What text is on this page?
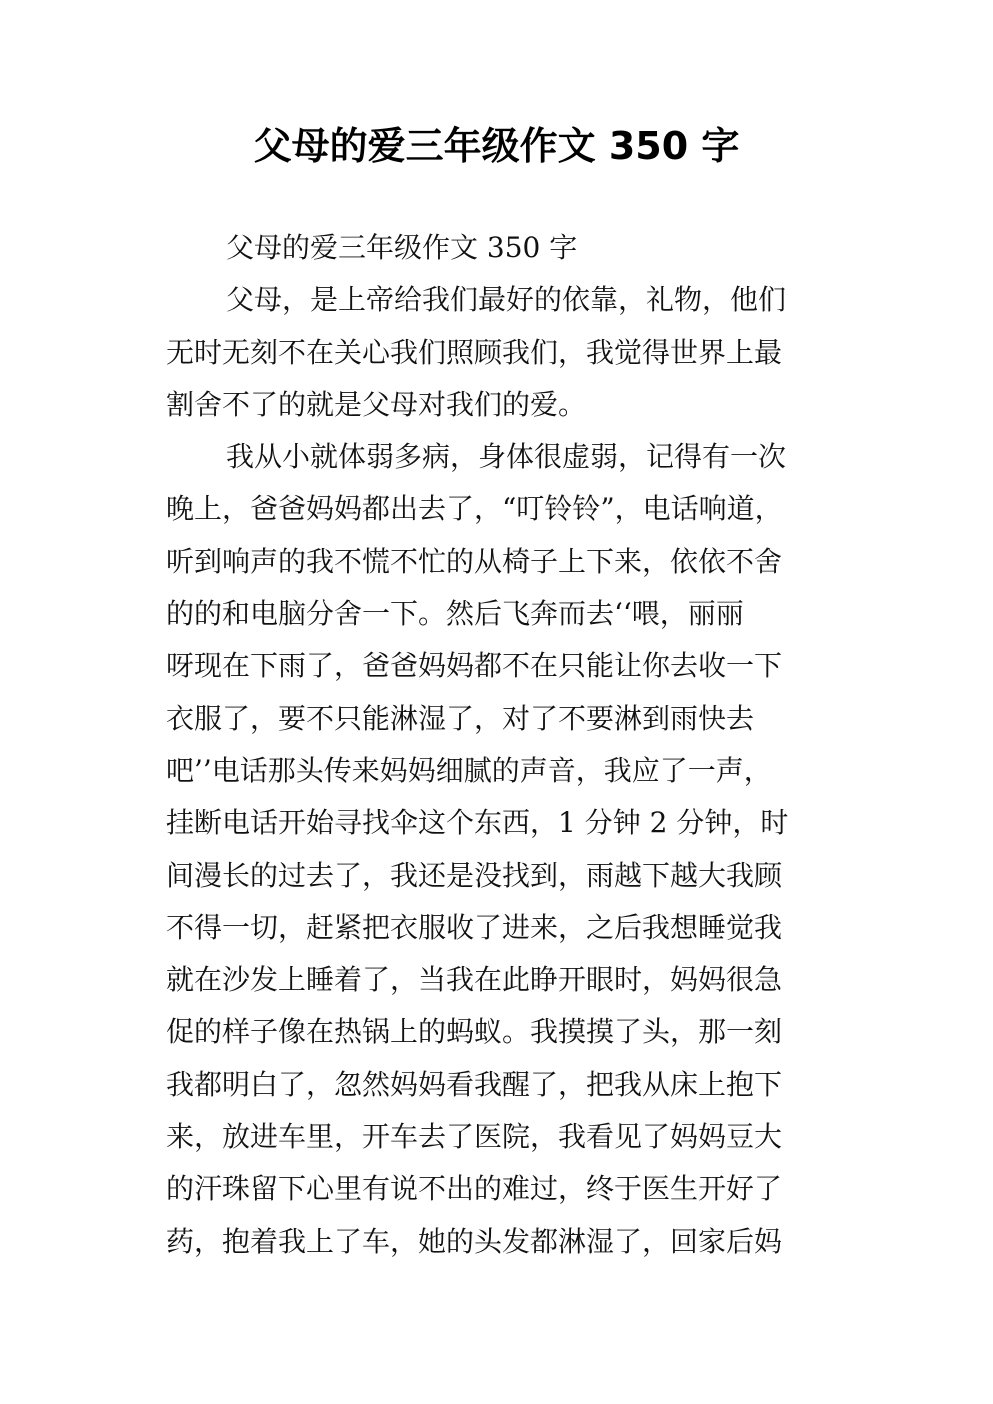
父母的爱三年级作文 350 字
父母的爱三年级作文 350 字
父母，是上帝给我们最好的依靠，礼物，他们
无时无刻不在关心我们照顾我们，我觉得世界上最
割舍不了的就是父母对我们的爱。
我从小就体弱多病，身体很虚弱，记得有一次
晚上，爸爸妈妈都出去了，“叮铃铃”，电话响道，
听到响声的我不慌不忙的从椅子上下来，依依不舍
的的和电脑分舍一下。然后飞奔而去‘‘喂，丽丽
呀现在下雨了，爸爸妈妈都不在只能让你去收一下
衣服了，要不只能淋湿了，对了不要淋到雨快去
吧’’电话那头传来妈妈细腻的声音，我应了一声，
挂断电话开始寻找伞这个东西，1 分钟 2 分钟，时
间漫长的过去了，我还是没找到，雨越下越大我顾
不得一切，赶紧把衣服收了进来，之后我想睡觉我
就在沙发上睡着了，当我在此睁开眼时，妈妈很急
促的样子像在热锅上的蚂蚁。我摸摸了头，那一刻
我都明白了，忽然妈妈看我醒了，把我从床上抱下
来，放进车里，开车去了医院，我看见了妈妈豆大
的汗珠留下心里有说不出的难过，终于医生开好了
药，抱着我上了车，她的头发都淋湿了，回家后妈
